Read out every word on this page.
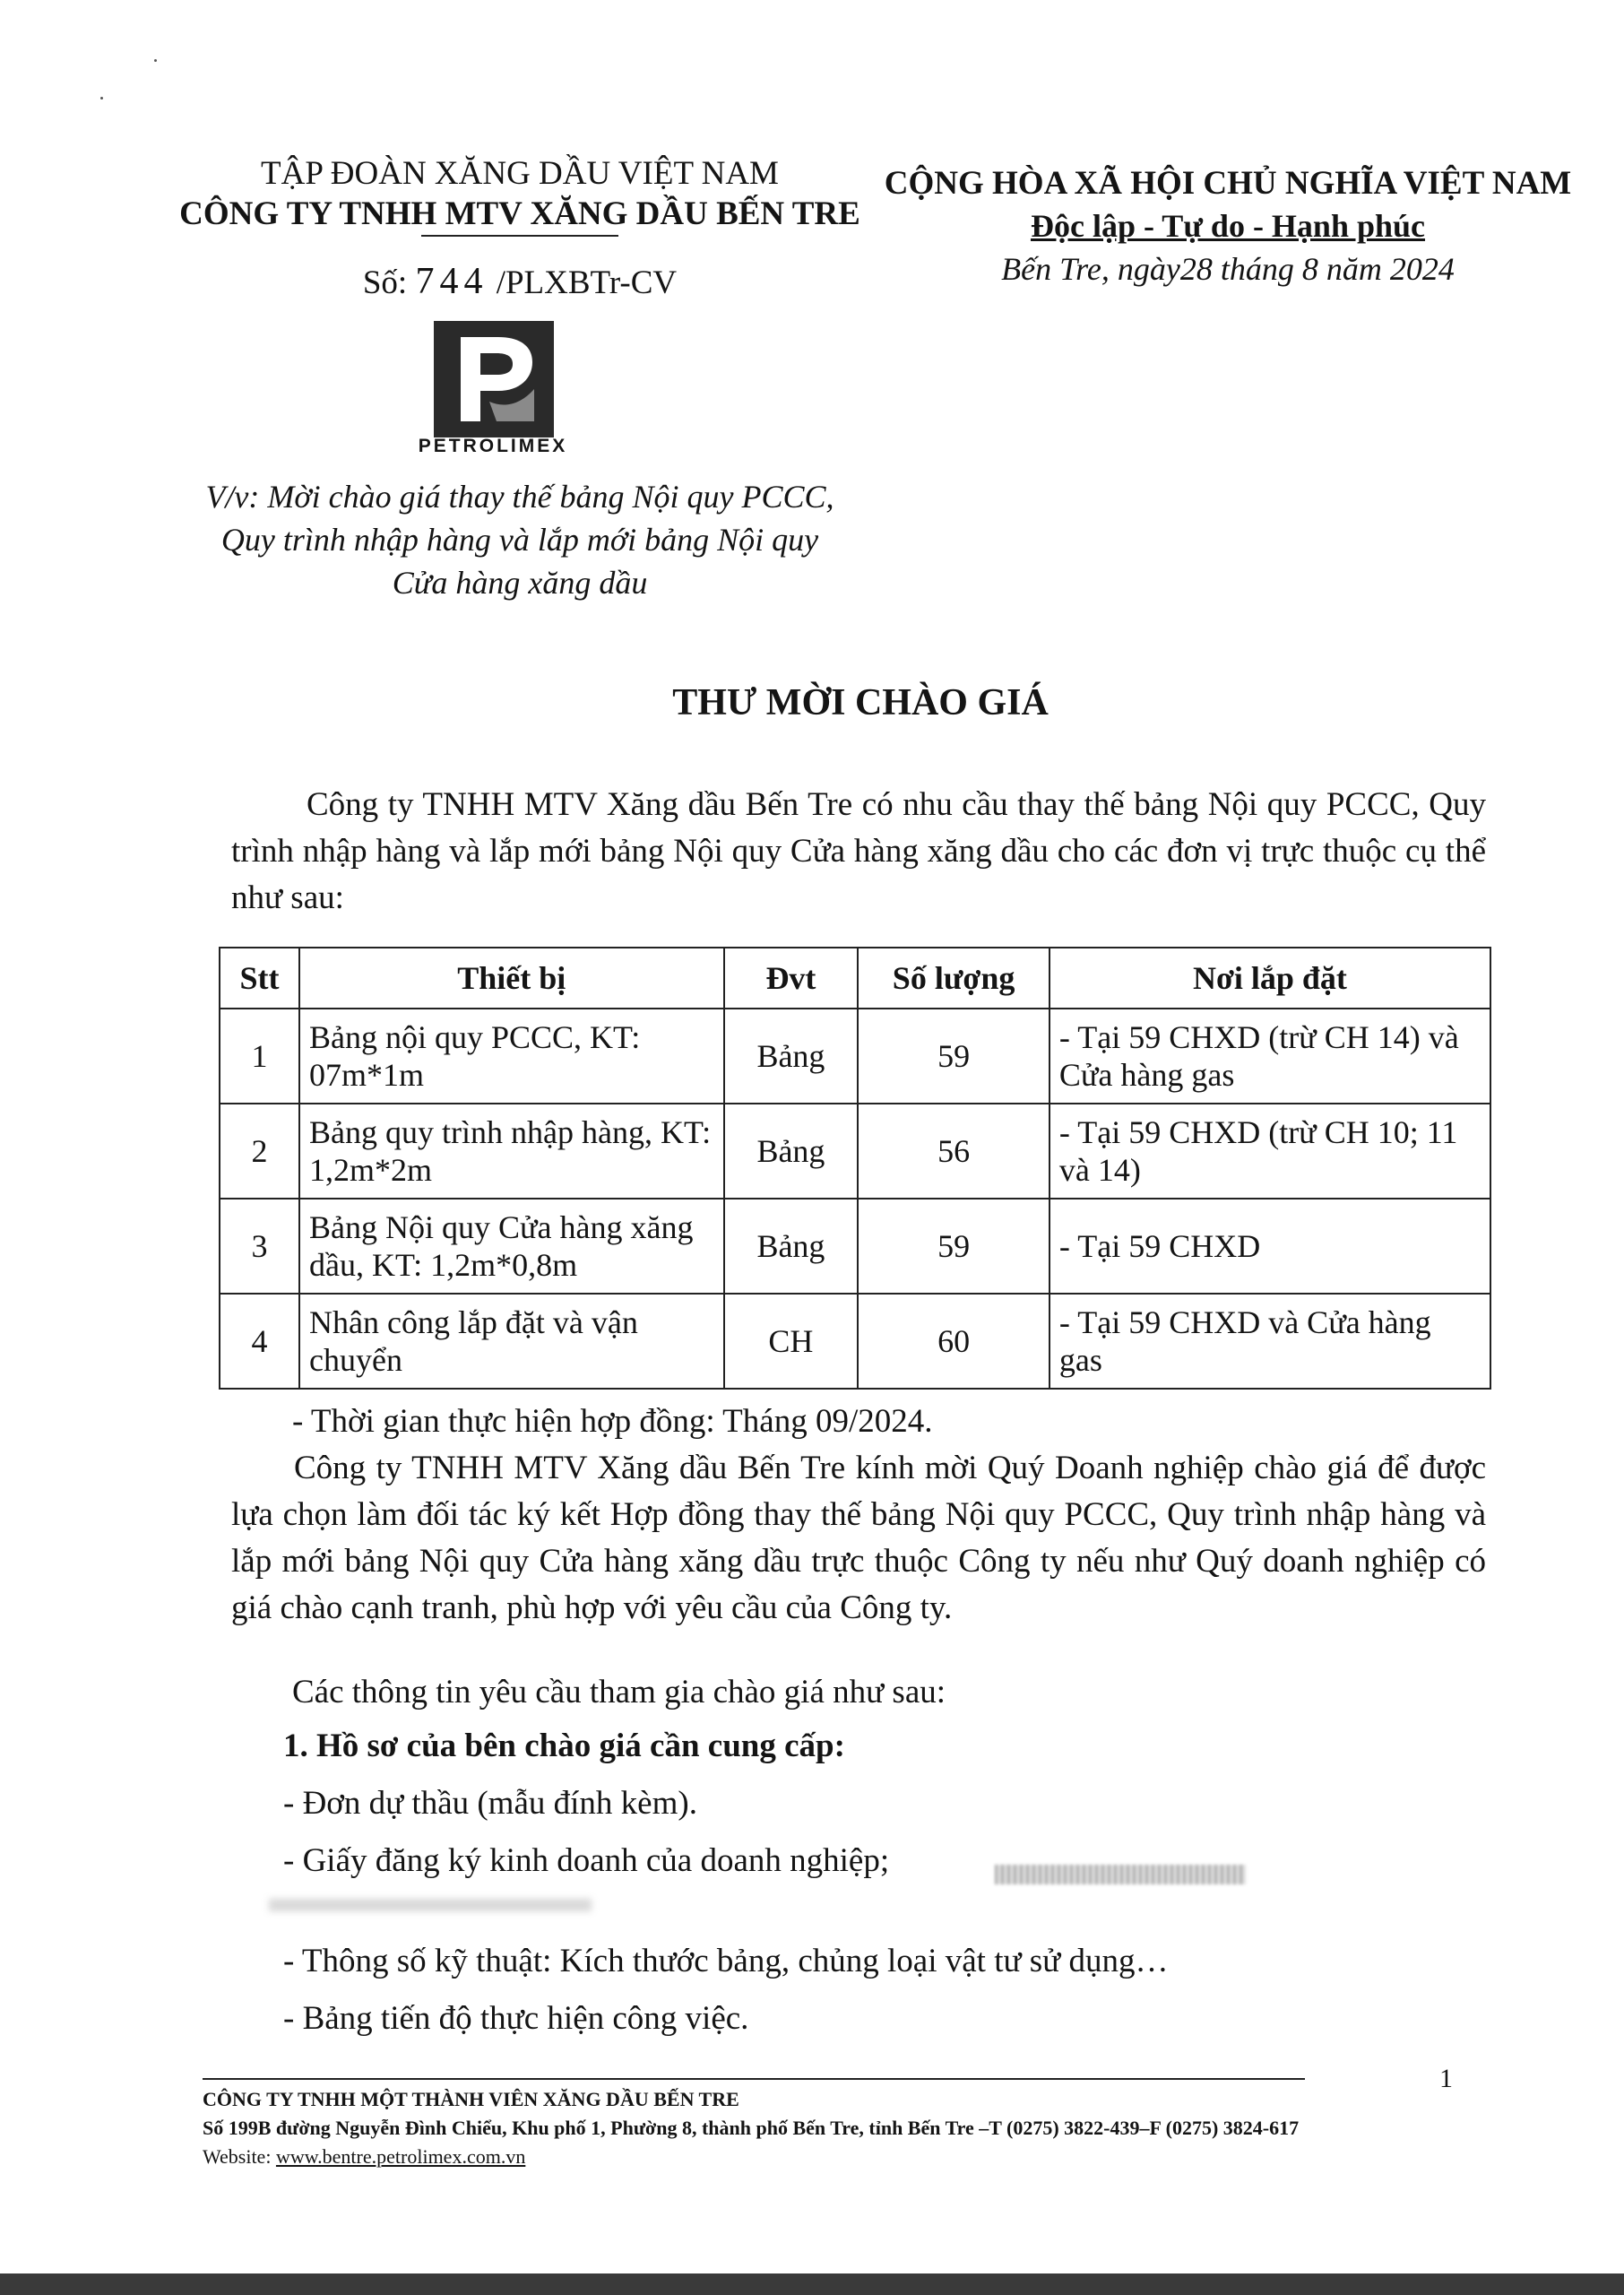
TẬP ĐOÀN XĂNG DẦU VIỆT NAM
CÔNG TY TNHH MTV XĂNG DẦU BẾN TRE
Số: 744 /PLXBTr-CV
PETROLIMEX
V/v: Mời chào giá thay thế bảng Nội quy PCCC,
Quy trình nhập hàng và lắp mới bảng Nội quy
Cửa hàng xăng dầu
CỘNG HÒA XÃ HỘI CHỦ NGHĨA VIỆT NAM
Độc lập - Tự do - Hạnh phúc
Bến Tre, ngày28 tháng 8 năm 2024
THƯ MỜI CHÀO GIÁ
Công ty TNHH MTV Xăng dầu Bến Tre có nhu cầu thay thế bảng Nội quy PCCC, Quy trình nhập hàng và lắp mới bảng Nội quy Cửa hàng xăng dầu cho các đơn vị trực thuộc cụ thể như sau:
Stt	Thiết bị	Đvt	Số lượng	Nơi lắp đặt
1	Bảng nội quy PCCC, KT: 07m*1m	Bảng	59	- Tại 59 CHXD (trừ CH 14) và Cửa hàng gas
2	Bảng quy trình nhập hàng, KT: 1,2m*2m	Bảng	56	- Tại 59 CHXD (trừ CH 10; 11 và 14)
3	Bảng Nội quy Cửa hàng xăng dầu, KT: 1,2m*0,8m	Bảng	59	- Tại 59 CHXD
4	Nhân công lắp đặt và vận chuyển	CH	60	- Tại 59 CHXD và Cửa hàng gas
- Thời gian thực hiện hợp đồng: Tháng 09/2024.
Công ty TNHH MTV Xăng dầu Bến Tre kính mời Quý Doanh nghiệp chào giá để được lựa chọn làm đối tác ký kết Hợp đồng thay thế bảng Nội quy PCCC, Quy trình nhập hàng và lắp mới bảng Nội quy Cửa hàng xăng dầu trực thuộc Công ty nếu như Quý doanh nghiệp có giá chào cạnh tranh, phù hợp với yêu cầu của Công ty.
Các thông tin yêu cầu tham gia chào giá như sau:
1. Hồ sơ của bên chào giá cần cung cấp:
- Đơn dự thầu (mẫu đính kèm).
- Giấy đăng ký kinh doanh của doanh nghiệp;
- Thông số kỹ thuật: Kích thước bảng, chủng loại vật tư sử dụng…
- Bảng tiến độ thực hiện công việc.
1
CÔNG TY TNHH MỘT THÀNH VIÊN XĂNG DẦU BẾN TRE
Số 199B đường Nguyễn Đình Chiểu, Khu phố 1, Phường 8, thành phố Bến Tre, tỉnh Bến Tre –T (0275) 3822-439–F (0275) 3824-617
Website: www.bentre.petrolimex.com.vn
